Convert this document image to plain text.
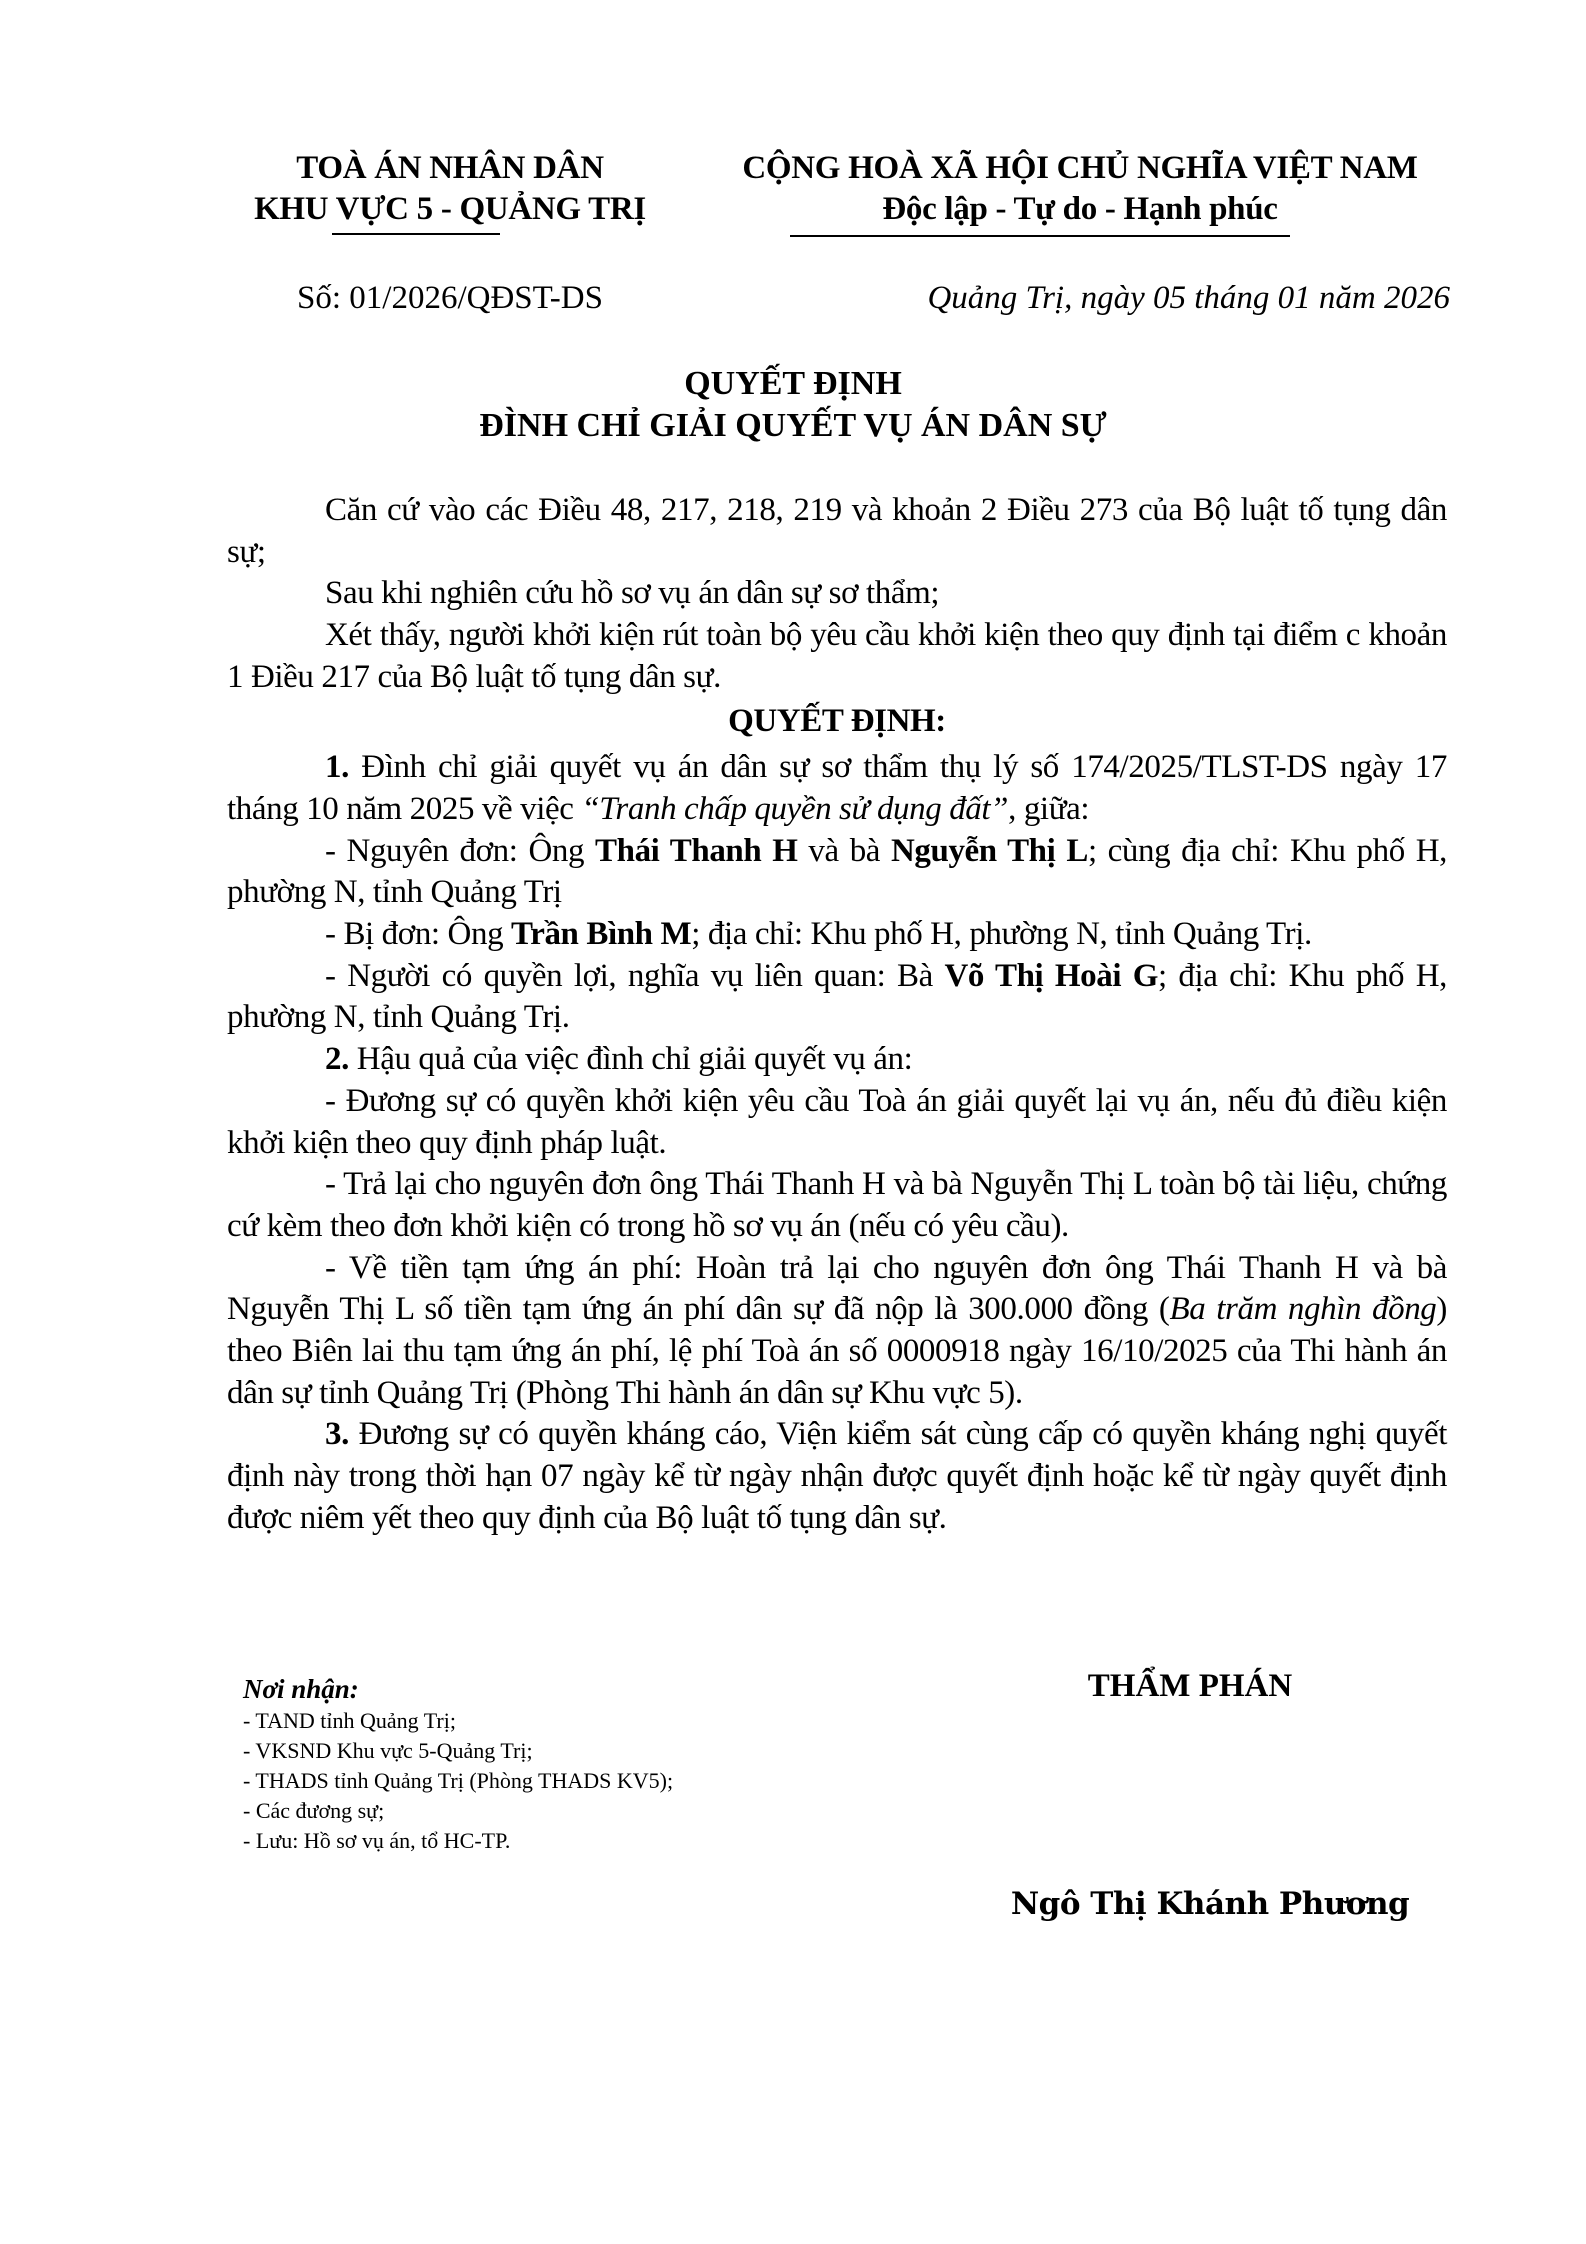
TOÀ ÁN NHÂN DÂN
KHU VỰC 5 - QUẢNG TRỊ
CỘNG HOÀ XÃ HỘI CHỦ NGHĨA VIỆT NAM
Độc lập - Tự do - Hạnh phúc
Số: 01/2026/QĐST-DS	Quảng Trị, ngày 05 tháng 01 năm 2026
QUYẾT ĐỊNH
ĐÌNH CHỈ GIẢI QUYẾT VỤ ÁN DÂN SỰ

Căn cứ vào các Điều 48, 217, 218, 219 và khoản 2 Điều 273 của Bộ luật tố tụng dân sự;

Sau khi nghiên cứu hồ sơ vụ án dân sự sơ thẩm;

Xét thấy, người khởi kiện rút toàn bộ yêu cầu khởi kiện theo quy định tại điểm c khoản 1 Điều 217 của Bộ luật tố tụng dân sự.

QUYẾT ĐỊNH:

1. Đình chỉ giải quyết vụ án dân sự sơ thẩm thụ lý số 174/2025/TLST-DS ngày 17 tháng 10 năm 2025 về việc “Tranh chấp quyền sử dụng đất”, giữa:

- Nguyên đơn: Ông Thái Thanh H và bà Nguyễn Thị L; cùng địa chỉ: Khu phố H, phường N, tỉnh Quảng Trị

- Bị đơn: Ông Trần Bình M; địa chỉ: Khu phố H, phường N, tỉnh Quảng Trị.

- Người có quyền lợi, nghĩa vụ liên quan: Bà Võ Thị Hoài G; địa chỉ: Khu phố H, phường N, tỉnh Quảng Trị.

2. Hậu quả của việc đình chỉ giải quyết vụ án:

- Đương sự có quyền khởi kiện yêu cầu Toà án giải quyết lại vụ án, nếu đủ điều kiện khởi kiện theo quy định pháp luật.

- Trả lại cho nguyên đơn ông Thái Thanh H và bà Nguyễn Thị L toàn bộ tài liệu, chứng cứ kèm theo đơn khởi kiện có trong hồ sơ vụ án (nếu có yêu cầu).

- Về tiền tạm ứng án phí: Hoàn trả lại cho nguyên đơn ông Thái Thanh H và bà Nguyễn Thị L số tiền tạm ứng án phí dân sự đã nộp là 300.000 đồng (Ba trăm nghìn đồng) theo Biên lai thu tạm ứng án phí, lệ phí Toà án số 0000918 ngày 16/10/2025 của Thi hành án dân sự tỉnh Quảng Trị (Phòng Thi hành án dân sự Khu vực 5).

3. Đương sự có quyền kháng cáo, Viện kiểm sát cùng cấp có quyền kháng nghị quyết định này trong thời hạn 07 ngày kể từ ngày nhận được quyết định hoặc kể từ ngày quyết định được niêm yết theo quy định của Bộ luật tố tụng dân sự.

Nơi nhận:
- TAND tỉnh Quảng Trị;
- VKSND Khu vực 5-Quảng Trị;
- THADS tỉnh Quảng Trị (Phòng THADS KV5);
- Các đương sự;
- Lưu: Hồ sơ vụ án, tổ HC-TP.
THẨM PHÁN
Ngô Thị Khánh Phương
